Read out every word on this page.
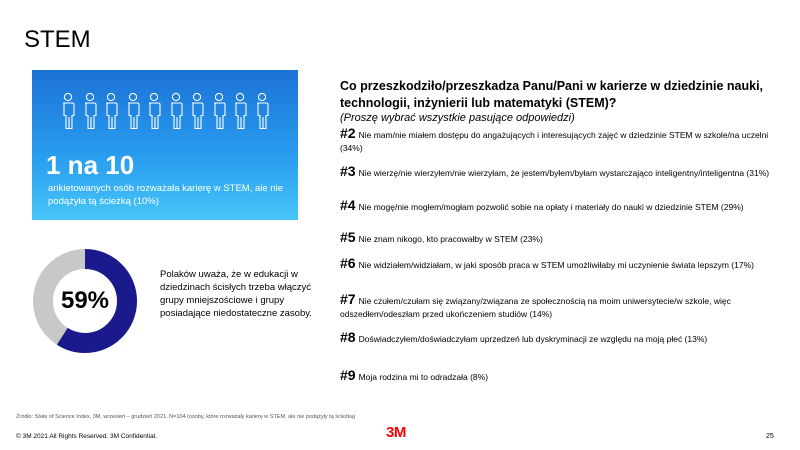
STEM
1 na 10
ankietowanych osób rozważała karierę w STEM, ale nie podążyła tą ścieżką (10%)
59%
Polaków uważa, że w edukacji w dziedzinach ścisłych trzeba włączyć grupy mniejszościowe i grupy posiadające niedostateczne zasoby.
Co przeszkodziło/przeszkadza Panu/Pani w karierze w dziedzinie nauki, technologii, inżynierii lub matematyki (STEM)?
(Proszę wybrać wszystkie pasujące odpowiedzi)
#2 Nie mam/nie miałem dostępu do angażujących i interesujących zajęć w dziedzinie STEM w szkole/na uczelni (34%)
#3 Nie wierzę/nie wierzyłem/nie wierzyłam, że jestem/byłem/byłam wystarczająco inteligentny/inteligentna (31%)
#4 Nie mogę/nie mogłem/mogłam pozwolić sobie na opłaty i materiały do nauki w dziedzinie STEM (29%)
#5 Nie znam nikogo, kto pracowałby w STEM (23%)
#6 Nie widziałem/widziałam, w jaki sposób praca w STEM umożliwiłaby mi uczynienie świata lepszym (17%)
#7 Nie czułem/czułam się związany/związana ze społecznością na moim uniwersytecie/w szkole, więc odszedłem/odeszłam przed ukończeniem studiów (14%)
#8 Doświadczyłem/doświadczyłam uprzedzeń lub dyskryminacji ze względu na moją płeć (13%)
#9 Moja rodzina mi to odradzała (8%)
Źródło: State of Science Index, 3M, wrzesień – grudzień 2021, N=104 (osoby, które rozważały karierę w STEM, ale nie podążyły tą ścieżką)
© 3M 2021 All Rights Reserved. 3M Confidential.	3M	25
